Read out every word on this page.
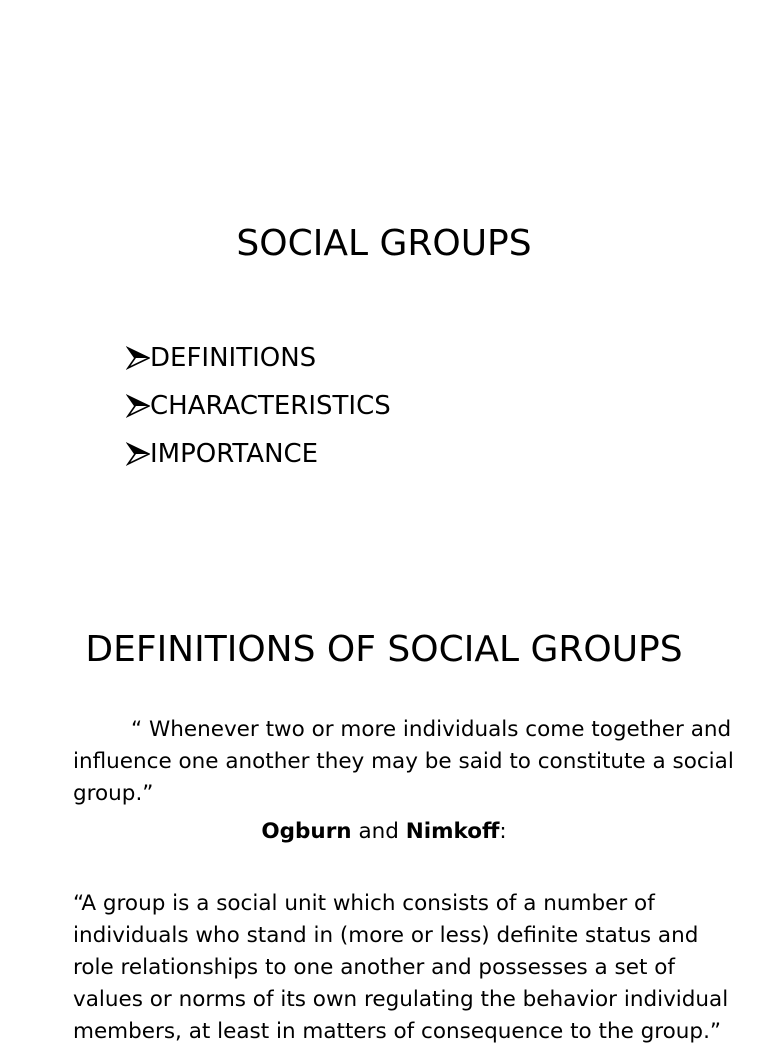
SOCIAL GROUPS
DEFINITIONS
CHARACTERISTICS
IMPORTANCE
DEFINITIONS OF SOCIAL GROUPS
“ Whenever two or more individuals come together and influence one another they may be said to constitute a social group.”
Ogburn and Nimkoff:
“A group is a social unit which consists of a number of
individuals who stand in (more or less) definite status and
role relationships to one another and possesses a set of
values or norms of its own regulating the behavior individual
members, at least in matters of consequence to the group.”
